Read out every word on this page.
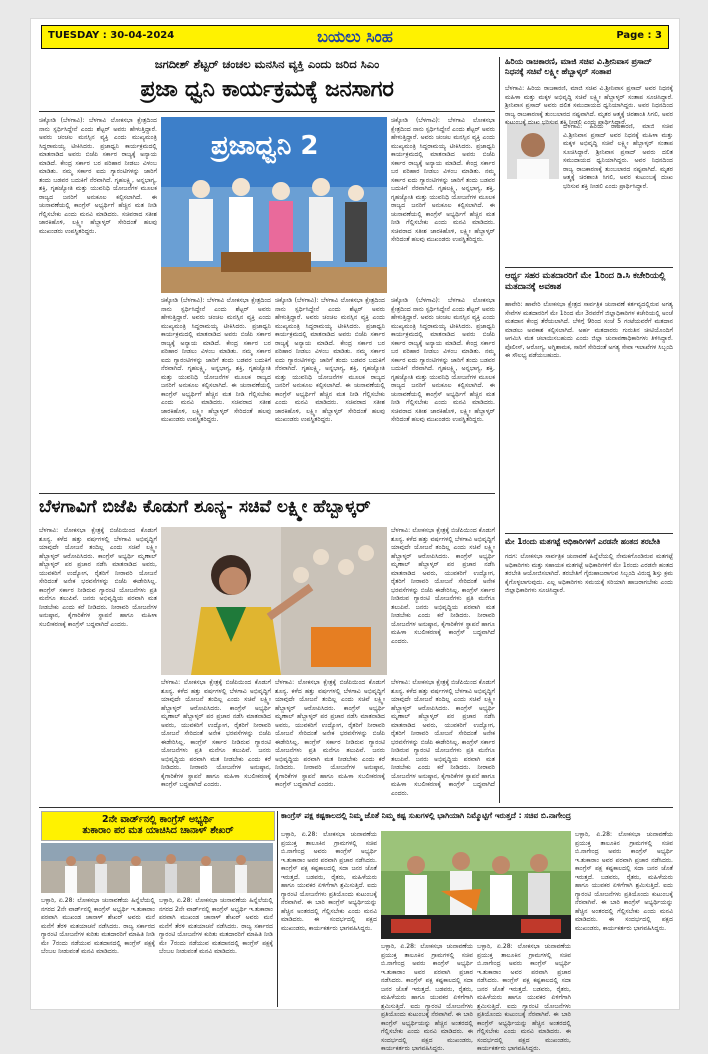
TUESDAY : 30-04-2024	ಬಯಲು ಸಿಂಹ	Page : 3
ಜಗದೀಶ್ ಶೆಟ್ಟರ್ ಚಂಚಲ ಮನಸಿನ ವ್ಯಕ್ತಿ ಎಂದು ಜರಿದ ಸಿಎಂ
ಪ್ರಜಾ ಧ್ವನಿ ಕಾರ್ಯಕ್ರಮಕ್ಕೆ ಜನಸಾಗರ
ಚಿಕ್ಕೋಡಿ (ಬೆಳಗಾವಿ): ಬೆಳಗಾವಿ ಲೋಕಸಭಾ ಕ್ಷೇತ್ರದಿಂದ ನಾನು ಸ್ಪರ್ಧಿಸಿದ್ದೇನೆ ಎಂದು ಶೆಟ್ಟರ್ ಅವರು ಹೇಳುತ್ತಿದ್ದಾರೆ. ಅವರು ಚಂಚಲ ಮನಸ್ಸಿನ ವ್ಯಕ್ತಿ ಎಂದು ಮುಖ್ಯಮಂತ್ರಿ ಸಿದ್ದರಾಮಯ್ಯ ಟೀಕಿಸಿದರು. ಪ್ರಜಾಧ್ವನಿ ಕಾರ್ಯಕ್ರಮದಲ್ಲಿ ಮಾತನಾಡಿದ ಅವರು ಬಿಜೆಪಿ ಸರ್ಕಾರ ರಾಜ್ಯಕ್ಕೆ ಅನ್ಯಾಯ ಮಾಡಿದೆ. ಕೇಂದ್ರ ಸರ್ಕಾರ ಬರ ಪರಿಹಾರ ನೀಡಲು ವಿಳಂಬ ಮಾಡಿತು. ನಮ್ಮ ಸರ್ಕಾರ ಐದು ಗ್ಯಾರಂಟಿಗಳನ್ನು ಜಾರಿಗೆ ತಂದು ಬಡವರ ಬದುಕಿಗೆ ನೆರವಾಗಿದೆ. ಗೃಹಲಕ್ಷ್ಮಿ, ಅನ್ನಭಾಗ್ಯ, ಶಕ್ತಿ, ಗೃಹಜ್ಯೋತಿ ಮತ್ತು ಯುವನಿಧಿ ಯೋಜನೆಗಳ ಮೂಲಕ ರಾಜ್ಯದ ಜನರಿಗೆ ಅನುಕೂಲ ಕಲ್ಪಿಸಲಾಗಿದೆ. ಈ ಚುನಾವಣೆಯಲ್ಲಿ ಕಾಂಗ್ರೆಸ್ ಅಭ್ಯರ್ಥಿಗೆ ಹೆಚ್ಚಿನ ಮತ ನೀಡಿ ಗೆಲ್ಲಿಸಬೇಕು ಎಂದು ಮನವಿ ಮಾಡಿದರು. ಸಚಿವರಾದ ಸತೀಶ ಜಾರಕಿಹೊಳಿ, ಲಕ್ಷ್ಮೀ ಹೆಬ್ಬಾಳ್ಕರ್ ಸೇರಿದಂತೆ ಹಲವು ಮುಖಂಡರು ಉಪಸ್ಥಿತರಿದ್ದರು.
ಪ್ರಜಾಧ್ವನಿ 2
ಚಿಕ್ಕೋಡಿ (ಬೆಳಗಾವಿ): ಬೆಳಗಾವಿ ಲೋಕಸಭಾ ಕ್ಷೇತ್ರದಿಂದ ನಾನು ಸ್ಪರ್ಧಿಸಿದ್ದೇನೆ ಎಂದು ಶೆಟ್ಟರ್ ಅವರು ಹೇಳುತ್ತಿದ್ದಾರೆ. ಅವರು ಚಂಚಲ ಮನಸ್ಸಿನ ವ್ಯಕ್ತಿ ಎಂದು ಮುಖ್ಯಮಂತ್ರಿ ಸಿದ್ದರಾಮಯ್ಯ ಟೀಕಿಸಿದರು. ಪ್ರಜಾಧ್ವನಿ ಕಾರ್ಯಕ್ರಮದಲ್ಲಿ ಮಾತನಾಡಿದ ಅವರು ಬಿಜೆಪಿ ಸರ್ಕಾರ ರಾಜ್ಯಕ್ಕೆ ಅನ್ಯಾಯ ಮಾಡಿದೆ. ಕೇಂದ್ರ ಸರ್ಕಾರ ಬರ ಪರಿಹಾರ ನೀಡಲು ವಿಳಂಬ ಮಾಡಿತು. ನಮ್ಮ ಸರ್ಕಾರ ಐದು ಗ್ಯಾರಂಟಿಗಳನ್ನು ಜಾರಿಗೆ ತಂದು ಬಡವರ ಬದುಕಿಗೆ ನೆರವಾಗಿದೆ. ಗೃಹಲಕ್ಷ್ಮಿ, ಅನ್ನಭಾಗ್ಯ, ಶಕ್ತಿ, ಗೃಹಜ್ಯೋತಿ ಮತ್ತು ಯುವನಿಧಿ ಯೋಜನೆಗಳ ಮೂಲಕ ರಾಜ್ಯದ ಜನರಿಗೆ ಅನುಕೂಲ ಕಲ್ಪಿಸಲಾಗಿದೆ. ಈ ಚುನಾವಣೆಯಲ್ಲಿ ಕಾಂಗ್ರೆಸ್ ಅಭ್ಯರ್ಥಿಗೆ ಹೆಚ್ಚಿನ ಮತ ನೀಡಿ ಗೆಲ್ಲಿಸಬೇಕು ಎಂದು ಮನವಿ ಮಾಡಿದರು. ಸಚಿವರಾದ ಸತೀಶ ಜಾರಕಿಹೊಳಿ, ಲಕ್ಷ್ಮೀ ಹೆಬ್ಬಾಳ್ಕರ್ ಸೇರಿದಂತೆ ಹಲವು ಮುಖಂಡರು ಉಪಸ್ಥಿತರಿದ್ದರು.
ಚಿಕ್ಕೋಡಿ (ಬೆಳಗಾವಿ): ಬೆಳಗಾವಿ ಲೋಕಸಭಾ ಕ್ಷೇತ್ರದಿಂದ ನಾನು ಸ್ಪರ್ಧಿಸಿದ್ದೇನೆ ಎಂದು ಶೆಟ್ಟರ್ ಅವರು ಹೇಳುತ್ತಿದ್ದಾರೆ. ಅವರು ಚಂಚಲ ಮನಸ್ಸಿನ ವ್ಯಕ್ತಿ ಎಂದು ಮುಖ್ಯಮಂತ್ರಿ ಸಿದ್ದರಾಮಯ್ಯ ಟೀಕಿಸಿದರು. ಪ್ರಜಾಧ್ವನಿ ಕಾರ್ಯಕ್ರಮದಲ್ಲಿ ಮಾತನಾಡಿದ ಅವರು ಬಿಜೆಪಿ ಸರ್ಕಾರ ರಾಜ್ಯಕ್ಕೆ ಅನ್ಯಾಯ ಮಾಡಿದೆ. ಕೇಂದ್ರ ಸರ್ಕಾರ ಬರ ಪರಿಹಾರ ನೀಡಲು ವಿಳಂಬ ಮಾಡಿತು. ನಮ್ಮ ಸರ್ಕಾರ ಐದು ಗ್ಯಾರಂಟಿಗಳನ್ನು ಜಾರಿಗೆ ತಂದು ಬಡವರ ಬದುಕಿಗೆ ನೆರವಾಗಿದೆ. ಗೃಹಲಕ್ಷ್ಮಿ, ಅನ್ನಭಾಗ್ಯ, ಶಕ್ತಿ, ಗೃಹಜ್ಯೋತಿ ಮತ್ತು ಯುವನಿಧಿ ಯೋಜನೆಗಳ ಮೂಲಕ ರಾಜ್ಯದ ಜನರಿಗೆ ಅನುಕೂಲ ಕಲ್ಪಿಸಲಾಗಿದೆ. ಈ ಚುನಾವಣೆಯಲ್ಲಿ ಕಾಂಗ್ರೆಸ್ ಅಭ್ಯರ್ಥಿಗೆ ಹೆಚ್ಚಿನ ಮತ ನೀಡಿ ಗೆಲ್ಲಿಸಬೇಕು ಎಂದು ಮನವಿ ಮಾಡಿದರು. ಸಚಿವರಾದ ಸತೀಶ ಜಾರಕಿಹೊಳಿ, ಲಕ್ಷ್ಮೀ ಹೆಬ್ಬಾಳ್ಕರ್ ಸೇರಿದಂತೆ ಹಲವು ಮುಖಂಡರು ಉಪಸ್ಥಿತರಿದ್ದರು.
ಚಿಕ್ಕೋಡಿ (ಬೆಳಗಾವಿ): ಬೆಳಗಾವಿ ಲೋಕಸಭಾ ಕ್ಷೇತ್ರದಿಂದ ನಾನು ಸ್ಪರ್ಧಿಸಿದ್ದೇನೆ ಎಂದು ಶೆಟ್ಟರ್ ಅವರು ಹೇಳುತ್ತಿದ್ದಾರೆ. ಅವರು ಚಂಚಲ ಮನಸ್ಸಿನ ವ್ಯಕ್ತಿ ಎಂದು ಮುಖ್ಯಮಂತ್ರಿ ಸಿದ್ದರಾಮಯ್ಯ ಟೀಕಿಸಿದರು. ಪ್ರಜಾಧ್ವನಿ ಕಾರ್ಯಕ್ರಮದಲ್ಲಿ ಮಾತನಾಡಿದ ಅವರು ಬಿಜೆಪಿ ಸರ್ಕಾರ ರಾಜ್ಯಕ್ಕೆ ಅನ್ಯಾಯ ಮಾಡಿದೆ. ಕೇಂದ್ರ ಸರ್ಕಾರ ಬರ ಪರಿಹಾರ ನೀಡಲು ವಿಳಂಬ ಮಾಡಿತು. ನಮ್ಮ ಸರ್ಕಾರ ಐದು ಗ್ಯಾರಂಟಿಗಳನ್ನು ಜಾರಿಗೆ ತಂದು ಬಡವರ ಬದುಕಿಗೆ ನೆರವಾಗಿದೆ. ಗೃಹಲಕ್ಷ್ಮಿ, ಅನ್ನಭಾಗ್ಯ, ಶಕ್ತಿ, ಗೃಹಜ್ಯೋತಿ ಮತ್ತು ಯುವನಿಧಿ ಯೋಜನೆಗಳ ಮೂಲಕ ರಾಜ್ಯದ ಜನರಿಗೆ ಅನುಕೂಲ ಕಲ್ಪಿಸಲಾಗಿದೆ. ಈ ಚುನಾವಣೆಯಲ್ಲಿ ಕಾಂಗ್ರೆಸ್ ಅಭ್ಯರ್ಥಿಗೆ ಹೆಚ್ಚಿನ ಮತ ನೀಡಿ ಗೆಲ್ಲಿಸಬೇಕು ಎಂದು ಮನವಿ ಮಾಡಿದರು. ಸಚಿವರಾದ ಸತೀಶ ಜಾರಕಿಹೊಳಿ, ಲಕ್ಷ್ಮೀ ಹೆಬ್ಬಾಳ್ಕರ್ ಸೇರಿದಂತೆ ಹಲವು ಮುಖಂಡರು ಉಪಸ್ಥಿತರಿದ್ದರು.
ಚಿಕ್ಕೋಡಿ (ಬೆಳಗಾವಿ): ಬೆಳಗಾವಿ ಲೋಕಸಭಾ ಕ್ಷೇತ್ರದಿಂದ ನಾನು ಸ್ಪರ್ಧಿಸಿದ್ದೇನೆ ಎಂದು ಶೆಟ್ಟರ್ ಅವರು ಹೇಳುತ್ತಿದ್ದಾರೆ. ಅವರು ಚಂಚಲ ಮನಸ್ಸಿನ ವ್ಯಕ್ತಿ ಎಂದು ಮುಖ್ಯಮಂತ್ರಿ ಸಿದ್ದರಾಮಯ್ಯ ಟೀಕಿಸಿದರು. ಪ್ರಜಾಧ್ವನಿ ಕಾರ್ಯಕ್ರಮದಲ್ಲಿ ಮಾತನಾಡಿದ ಅವರು ಬಿಜೆಪಿ ಸರ್ಕಾರ ರಾಜ್ಯಕ್ಕೆ ಅನ್ಯಾಯ ಮಾಡಿದೆ. ಕೇಂದ್ರ ಸರ್ಕಾರ ಬರ ಪರಿಹಾರ ನೀಡಲು ವಿಳಂಬ ಮಾಡಿತು. ನಮ್ಮ ಸರ್ಕಾರ ಐದು ಗ್ಯಾರಂಟಿಗಳನ್ನು ಜಾರಿಗೆ ತಂದು ಬಡವರ ಬದುಕಿಗೆ ನೆರವಾಗಿದೆ. ಗೃಹಲಕ್ಷ್ಮಿ, ಅನ್ನಭಾಗ್ಯ, ಶಕ್ತಿ, ಗೃಹಜ್ಯೋತಿ ಮತ್ತು ಯುವನಿಧಿ ಯೋಜನೆಗಳ ಮೂಲಕ ರಾಜ್ಯದ ಜನರಿಗೆ ಅನುಕೂಲ ಕಲ್ಪಿಸಲಾಗಿದೆ. ಈ ಚುನಾವಣೆಯಲ್ಲಿ ಕಾಂಗ್ರೆಸ್ ಅಭ್ಯರ್ಥಿಗೆ ಹೆಚ್ಚಿನ ಮತ ನೀಡಿ ಗೆಲ್ಲಿಸಬೇಕು ಎಂದು ಮನವಿ ಮಾಡಿದರು. ಸಚಿವರಾದ ಸತೀಶ ಜಾರಕಿಹೊಳಿ, ಲಕ್ಷ್ಮೀ ಹೆಬ್ಬಾಳ್ಕರ್ ಸೇರಿದಂತೆ ಹಲವು ಮುಖಂಡರು ಉಪಸ್ಥಿತರಿದ್ದರು.
ಹಿರಿಯ ರಾಜಕಾರಣಿ, ಮಾಜಿ ಸಚಿವ ವಿ.ಶ್ರೀನಿವಾಸ ಪ್ರಸಾದ್ ನಿಧನಕ್ಕೆ ಸಚಿವೆ ಲಕ್ಷ್ಮೀ ಹೆಬ್ಬಾಳ್ಕರ್ ಸಂತಾಪ
ಬೆಳಗಾವಿ: ಹಿರಿಯ ರಾಜಕಾರಣಿ, ಮಾಜಿ ಸಚಿವ ವಿ.ಶ್ರೀನಿವಾಸ ಪ್ರಸಾದ್ ಅವರ ನಿಧನಕ್ಕೆ ಮಹಿಳಾ ಮತ್ತು ಮಕ್ಕಳ ಅಭಿವೃದ್ಧಿ ಸಚಿವೆ ಲಕ್ಷ್ಮೀ ಹೆಬ್ಬಾಳ್ಕರ್ ಸಂತಾಪ ಸೂಚಿಸಿದ್ದಾರೆ. ಶ್ರೀನಿವಾಸ ಪ್ರಸಾದ್ ಅವರು ದಲಿತ ಸಮುದಾಯದ ಧ್ವನಿಯಾಗಿದ್ದರು. ಅವರ ನಿಧನದಿಂದ ರಾಜ್ಯ ರಾಜಕಾರಣಕ್ಕೆ ತುಂಬಲಾರದ ನಷ್ಟವಾಗಿದೆ. ಮೃತರ ಆತ್ಮಕ್ಕೆ ಚಿರಶಾಂತಿ ಸಿಗಲಿ, ಅವರ ಕುಟುಂಬಕ್ಕೆ ದುಃಖ ಭರಿಸುವ ಶಕ್ತಿ ನೀಡಲಿ ಎಂದು ಪ್ರಾರ್ಥಿಸಿದ್ದಾರೆ.
ಬೆಳಗಾವಿ: ಹಿರಿಯ ರಾಜಕಾರಣಿ, ಮಾಜಿ ಸಚಿವ ವಿ.ಶ್ರೀನಿವಾಸ ಪ್ರಸಾದ್ ಅವರ ನಿಧನಕ್ಕೆ ಮಹಿಳಾ ಮತ್ತು ಮಕ್ಕಳ ಅಭಿವೃದ್ಧಿ ಸಚಿವೆ ಲಕ್ಷ್ಮೀ ಹೆಬ್ಬಾಳ್ಕರ್ ಸಂತಾಪ ಸೂಚಿಸಿದ್ದಾರೆ. ಶ್ರೀನಿವಾಸ ಪ್ರಸಾದ್ ಅವರು ದಲಿತ ಸಮುದಾಯದ ಧ್ವನಿಯಾಗಿದ್ದರು. ಅವರ ನಿಧನದಿಂದ ರಾಜ್ಯ ರಾಜಕಾರಣಕ್ಕೆ ತುಂಬಲಾರದ ನಷ್ಟವಾಗಿದೆ. ಮೃತರ ಆತ್ಮಕ್ಕೆ ಚಿರಶಾಂತಿ ಸಿಗಲಿ, ಅವರ ಕುಟುಂಬಕ್ಕೆ ದುಃಖ ಭರಿಸುವ ಶಕ್ತಿ ನೀಡಲಿ ಎಂದು ಪ್ರಾರ್ಥಿಸಿದ್ದಾರೆ.
ಆರ್ಥ್ಯ ಸಹರ ಮತದಾರರಿಗೆ ಮೇ 1ರಿಂದ ಡಿ.ಸಿ ಕಚೇರಿಯಲ್ಲಿ ಮತದಾನಕ್ಕೆ ಅವಕಾಶ
ಹಾವೇರಿ: ಹಾವೇರಿ ಲೋಕಸಭಾ ಕ್ಷೇತ್ರದ ಸಾರ್ವತ್ರಿಕ ಚುನಾವಣೆ ಕರ್ತವ್ಯದಲ್ಲಿರುವ ಅಗತ್ಯ ಸೇವೆಗಳ ಮತದಾರರಿಗೆ ಮೇ 1ರಿಂದ ಮೇ 3ರವರೆಗೆ ಜಿಲ್ಲಾಧಿಕಾರಿಗಳ ಕಚೇರಿಯಲ್ಲಿ ಅಂಚೆ ಮತದಾನ ಕೇಂದ್ರ ತೆರೆಯಲಾಗಿದೆ. ಬೆಳಿಗ್ಗೆ 9ರಿಂದ ಸಂಜೆ 5 ಗಂಟೆಯವರೆಗೆ ಮತದಾನ ಮಾಡಲು ಅವಕಾಶ ಕಲ್ಪಿಸಲಾಗಿದೆ. ಅರ್ಹ ಮತದಾರರು ಗುರುತಿನ ಚೀಟಿಯೊಂದಿಗೆ ಆಗಮಿಸಿ ಮತ ಚಲಾಯಿಸಬಹುದು ಎಂದು ಜಿಲ್ಲಾ ಚುನಾವಣಾಧಿಕಾರಿಗಳು ತಿಳಿಸಿದ್ದಾರೆ. ಪೊಲೀಸ್, ಆರೋಗ್ಯ, ಅಗ್ನಿಶಾಮಕ, ಸಾರಿಗೆ ಸೇರಿದಂತೆ ಅಗತ್ಯ ಸೇವಾ ಇಲಾಖೆಗಳ ಸಿಬ್ಬಂದಿ ಈ ಸೌಲಭ್ಯ ಪಡೆಯಬಹುದು.
ಮೇ 1ರಂದು ಮತಗಟ್ಟೆ ಅಧಿಕಾರಿಗಳಿಗೆ ಎರಡನೇ ಹಂತದ ತರಬೇತಿ
ಗದಗ: ಲೋಕಸಭಾ ಸಾರ್ವತ್ರಿಕ ಚುನಾವಣೆ ಹಿನ್ನೆಲೆಯಲ್ಲಿ ನೇಮಕಗೊಂಡಿರುವ ಮತಗಟ್ಟೆ ಅಧಿಕಾರಿಗಳು ಮತ್ತು ಸಹಾಯಕ ಮತಗಟ್ಟೆ ಅಧಿಕಾರಿಗಳಿಗೆ ಮೇ 1ರಂದು ಎರಡನೇ ಹಂತದ ತರಬೇತಿ ಆಯೋಜಿಸಲಾಗಿದೆ. ತರಬೇತಿಗೆ ಗೈರುಹಾಜರಾಗುವ ಸಿಬ್ಬಂದಿ ವಿರುದ್ಧ ಶಿಸ್ತು ಕ್ರಮ ಕೈಗೊಳ್ಳಲಾಗುವುದು. ಎಲ್ಲ ಅಧಿಕಾರಿಗಳು ಸಮಯಕ್ಕೆ ಸರಿಯಾಗಿ ಹಾಜರಾಗಬೇಕು ಎಂದು ಜಿಲ್ಲಾಧಿಕಾರಿಗಳು ಸೂಚಿಸಿದ್ದಾರೆ.
ಬೆಳಗಾವಿಗೆ ಬಿಜೆಪಿ ಕೊಡುಗೆ ಶೂನ್ಯ- ಸಚಿವೆ ಲಕ್ಷ್ಮೀ ಹೆಬ್ಬಾಳ್ಕರ್
ಬೆಳಗಾವಿ: ಲೋಕಸಭಾ ಕ್ಷೇತ್ರಕ್ಕೆ ಬಿಜೆಪಿಯಿಂದ ಕೊಡುಗೆ ಶೂನ್ಯ. ಕಳೆದ ಹತ್ತು ವರ್ಷಗಳಲ್ಲಿ ಬೆಳಗಾವಿ ಅಭಿವೃದ್ಧಿಗೆ ಯಾವುದೇ ಯೋಜನೆ ತಂದಿಲ್ಲ ಎಂದು ಸಚಿವೆ ಲಕ್ಷ್ಮೀ ಹೆಬ್ಬಾಳ್ಕರ್ ಆರೋಪಿಸಿದರು. ಕಾಂಗ್ರೆಸ್ ಅಭ್ಯರ್ಥಿ ಮೃಣಾಲ್ ಹೆಬ್ಬಾಳ್ಕರ್ ಪರ ಪ್ರಚಾರ ನಡೆಸಿ ಮಾತನಾಡಿದ ಅವರು, ಯುವಕರಿಗೆ ಉದ್ಯೋಗ, ರೈತರಿಗೆ ನೀರಾವರಿ ಯೋಜನೆ ಸೇರಿದಂತೆ ಅನೇಕ ಭರವಸೆಗಳನ್ನು ಬಿಜೆಪಿ ಈಡೇರಿಸಿಲ್ಲ. ಕಾಂಗ್ರೆಸ್ ಸರ್ಕಾರ ನೀಡಿರುವ ಗ್ಯಾರಂಟಿ ಯೋಜನೆಗಳು ಪ್ರತಿ ಮನೆಗೂ ತಲುಪಿವೆ. ಜನರು ಅಭಿವೃದ್ಧಿಯ ಪರವಾಗಿ ಮತ ನೀಡಬೇಕು ಎಂದು ಕರೆ ನೀಡಿದರು. ನೀರಾವರಿ ಯೋಜನೆಗಳ ಅನುಷ್ಠಾನ, ಕೈಗಾರಿಕೆಗಳ ಸ್ಥಾಪನೆ ಹಾಗೂ ಮಹಿಳಾ ಸಬಲೀಕರಣಕ್ಕೆ ಕಾಂಗ್ರೆಸ್ ಬದ್ಧವಾಗಿದೆ ಎಂದರು.
ಬೆಳಗಾವಿ: ಲೋಕಸಭಾ ಕ್ಷೇತ್ರಕ್ಕೆ ಬಿಜೆಪಿಯಿಂದ ಕೊಡುಗೆ ಶೂನ್ಯ. ಕಳೆದ ಹತ್ತು ವರ್ಷಗಳಲ್ಲಿ ಬೆಳಗಾವಿ ಅಭಿವೃದ್ಧಿಗೆ ಯಾವುದೇ ಯೋಜನೆ ತಂದಿಲ್ಲ ಎಂದು ಸಚಿವೆ ಲಕ್ಷ್ಮೀ ಹೆಬ್ಬಾಳ್ಕರ್ ಆರೋಪಿಸಿದರು. ಕಾಂಗ್ರೆಸ್ ಅಭ್ಯರ್ಥಿ ಮೃಣಾಲ್ ಹೆಬ್ಬಾಳ್ಕರ್ ಪರ ಪ್ರಚಾರ ನಡೆಸಿ ಮಾತನಾಡಿದ ಅವರು, ಯುವಕರಿಗೆ ಉದ್ಯೋಗ, ರೈತರಿಗೆ ನೀರಾವರಿ ಯೋಜನೆ ಸೇರಿದಂತೆ ಅನೇಕ ಭರವಸೆಗಳನ್ನು ಬಿಜೆಪಿ ಈಡೇರಿಸಿಲ್ಲ. ಕಾಂಗ್ರೆಸ್ ಸರ್ಕಾರ ನೀಡಿರುವ ಗ್ಯಾರಂಟಿ ಯೋಜನೆಗಳು ಪ್ರತಿ ಮನೆಗೂ ತಲುಪಿವೆ. ಜನರು ಅಭಿವೃದ್ಧಿಯ ಪರವಾಗಿ ಮತ ನೀಡಬೇಕು ಎಂದು ಕರೆ ನೀಡಿದರು. ನೀರಾವರಿ ಯೋಜನೆಗಳ ಅನುಷ್ಠಾನ, ಕೈಗಾರಿಕೆಗಳ ಸ್ಥಾಪನೆ ಹಾಗೂ ಮಹಿಳಾ ಸಬಲೀಕರಣಕ್ಕೆ ಕಾಂಗ್ರೆಸ್ ಬದ್ಧವಾಗಿದೆ ಎಂದರು.
ಬೆಳಗಾವಿ: ಲೋಕಸಭಾ ಕ್ಷೇತ್ರಕ್ಕೆ ಬಿಜೆಪಿಯಿಂದ ಕೊಡುಗೆ ಶೂನ್ಯ. ಕಳೆದ ಹತ್ತು ವರ್ಷಗಳಲ್ಲಿ ಬೆಳಗಾವಿ ಅಭಿವೃದ್ಧಿಗೆ ಯಾವುದೇ ಯೋಜನೆ ತಂದಿಲ್ಲ ಎಂದು ಸಚಿವೆ ಲಕ್ಷ್ಮೀ ಹೆಬ್ಬಾಳ್ಕರ್ ಆರೋಪಿಸಿದರು. ಕಾಂಗ್ರೆಸ್ ಅಭ್ಯರ್ಥಿ ಮೃಣಾಲ್ ಹೆಬ್ಬಾಳ್ಕರ್ ಪರ ಪ್ರಚಾರ ನಡೆಸಿ ಮಾತನಾಡಿದ ಅವರು, ಯುವಕರಿಗೆ ಉದ್ಯೋಗ, ರೈತರಿಗೆ ನೀರಾವರಿ ಯೋಜನೆ ಸೇರಿದಂತೆ ಅನೇಕ ಭರವಸೆಗಳನ್ನು ಬಿಜೆಪಿ ಈಡೇರಿಸಿಲ್ಲ. ಕಾಂಗ್ರೆಸ್ ಸರ್ಕಾರ ನೀಡಿರುವ ಗ್ಯಾರಂಟಿ ಯೋಜನೆಗಳು ಪ್ರತಿ ಮನೆಗೂ ತಲುಪಿವೆ. ಜನರು ಅಭಿವೃದ್ಧಿಯ ಪರವಾಗಿ ಮತ ನೀಡಬೇಕು ಎಂದು ಕರೆ ನೀಡಿದರು. ನೀರಾವರಿ ಯೋಜನೆಗಳ ಅನುಷ್ಠಾನ, ಕೈಗಾರಿಕೆಗಳ ಸ್ಥಾಪನೆ ಹಾಗೂ ಮಹಿಳಾ ಸಬಲೀಕರಣಕ್ಕೆ ಕಾಂಗ್ರೆಸ್ ಬದ್ಧವಾಗಿದೆ ಎಂದರು.
ಬೆಳಗಾವಿ: ಲೋಕಸಭಾ ಕ್ಷೇತ್ರಕ್ಕೆ ಬಿಜೆಪಿಯಿಂದ ಕೊಡುಗೆ ಶೂನ್ಯ. ಕಳೆದ ಹತ್ತು ವರ್ಷಗಳಲ್ಲಿ ಬೆಳಗಾವಿ ಅಭಿವೃದ್ಧಿಗೆ ಯಾವುದೇ ಯೋಜನೆ ತಂದಿಲ್ಲ ಎಂದು ಸಚಿವೆ ಲಕ್ಷ್ಮೀ ಹೆಬ್ಬಾಳ್ಕರ್ ಆರೋಪಿಸಿದರು. ಕಾಂಗ್ರೆಸ್ ಅಭ್ಯರ್ಥಿ ಮೃಣಾಲ್ ಹೆಬ್ಬಾಳ್ಕರ್ ಪರ ಪ್ರಚಾರ ನಡೆಸಿ ಮಾತನಾಡಿದ ಅವರು, ಯುವಕರಿಗೆ ಉದ್ಯೋಗ, ರೈತರಿಗೆ ನೀರಾವರಿ ಯೋಜನೆ ಸೇರಿದಂತೆ ಅನೇಕ ಭರವಸೆಗಳನ್ನು ಬಿಜೆಪಿ ಈಡೇರಿಸಿಲ್ಲ. ಕಾಂಗ್ರೆಸ್ ಸರ್ಕಾರ ನೀಡಿರುವ ಗ್ಯಾರಂಟಿ ಯೋಜನೆಗಳು ಪ್ರತಿ ಮನೆಗೂ ತಲುಪಿವೆ. ಜನರು ಅಭಿವೃದ್ಧಿಯ ಪರವಾಗಿ ಮತ ನೀಡಬೇಕು ಎಂದು ಕರೆ ನೀಡಿದರು. ನೀರಾವರಿ ಯೋಜನೆಗಳ ಅನುಷ್ಠಾನ, ಕೈಗಾರಿಕೆಗಳ ಸ್ಥಾಪನೆ ಹಾಗೂ ಮಹಿಳಾ ಸಬಲೀಕರಣಕ್ಕೆ ಕಾಂಗ್ರೆಸ್ ಬದ್ಧವಾಗಿದೆ ಎಂದರು.
ಬೆಳಗಾವಿ: ಲೋಕಸಭಾ ಕ್ಷೇತ್ರಕ್ಕೆ ಬಿಜೆಪಿಯಿಂದ ಕೊಡುಗೆ ಶೂನ್ಯ. ಕಳೆದ ಹತ್ತು ವರ್ಷಗಳಲ್ಲಿ ಬೆಳಗಾವಿ ಅಭಿವೃದ್ಧಿಗೆ ಯಾವುದೇ ಯೋಜನೆ ತಂದಿಲ್ಲ ಎಂದು ಸಚಿವೆ ಲಕ್ಷ್ಮೀ ಹೆಬ್ಬಾಳ್ಕರ್ ಆರೋಪಿಸಿದರು. ಕಾಂಗ್ರೆಸ್ ಅಭ್ಯರ್ಥಿ ಮೃಣಾಲ್ ಹೆಬ್ಬಾಳ್ಕರ್ ಪರ ಪ್ರಚಾರ ನಡೆಸಿ ಮಾತನಾಡಿದ ಅವರು, ಯುವಕರಿಗೆ ಉದ್ಯೋಗ, ರೈತರಿಗೆ ನೀರಾವರಿ ಯೋಜನೆ ಸೇರಿದಂತೆ ಅನೇಕ ಭರವಸೆಗಳನ್ನು ಬಿಜೆಪಿ ಈಡೇರಿಸಿಲ್ಲ. ಕಾಂಗ್ರೆಸ್ ಸರ್ಕಾರ ನೀಡಿರುವ ಗ್ಯಾರಂಟಿ ಯೋಜನೆಗಳು ಪ್ರತಿ ಮನೆಗೂ ತಲುಪಿವೆ. ಜನರು ಅಭಿವೃದ್ಧಿಯ ಪರವಾಗಿ ಮತ ನೀಡಬೇಕು ಎಂದು ಕರೆ ನೀಡಿದರು. ನೀರಾವರಿ ಯೋಜನೆಗಳ ಅನುಷ್ಠಾನ, ಕೈಗಾರಿಕೆಗಳ ಸ್ಥಾಪನೆ ಹಾಗೂ ಮಹಿಳಾ ಸಬಲೀಕರಣಕ್ಕೆ ಕಾಂಗ್ರೆಸ್ ಬದ್ಧವಾಗಿದೆ ಎಂದರು.
2ನೇ ವಾರ್ಡ್‌ನಲ್ಲಿ ಕಾಂಗ್ರೆಸ್ ಅಭ್ಯರ್ಥಿ
ತುಕಾರಾಂ ಪರ ಮತ ಯಾಚಿಸಿದ ಚಾನಾಳ್ ಶೇಖರ್
ಬಳ್ಳಾರಿ, ಏ.28: ಲೋಕಸಭಾ ಚುನಾವಣೆಯ ಹಿನ್ನೆಲೆಯಲ್ಲಿ ನಗರದ 2ನೇ ವಾರ್ಡ್‌ನಲ್ಲಿ ಕಾಂಗ್ರೆಸ್ ಅಭ್ಯರ್ಥಿ ಇ.ತುಕಾರಾಂ ಪರವಾಗಿ ಮುಖಂಡ ಚಾನಾಳ್ ಶೇಖರ್ ಅವರು ಮನೆ ಮನೆಗೆ ತೆರಳಿ ಮತಯಾಚನೆ ನಡೆಸಿದರು. ರಾಜ್ಯ ಸರ್ಕಾರದ ಗ್ಯಾರಂಟಿ ಯೋಜನೆಗಳ ಕುರಿತು ಮತದಾರರಿಗೆ ಮಾಹಿತಿ ನೀಡಿ ಮೇ 7ರಂದು ನಡೆಯುವ ಮತದಾನದಲ್ಲಿ ಕಾಂಗ್ರೆಸ್ ಪಕ್ಷಕ್ಕೆ ಬೆಂಬಲ ನೀಡುವಂತೆ ಮನವಿ ಮಾಡಿದರು.
ಬಳ್ಳಾರಿ, ಏ.28: ಲೋಕಸಭಾ ಚುನಾವಣೆಯ ಹಿನ್ನೆಲೆಯಲ್ಲಿ ನಗರದ 2ನೇ ವಾರ್ಡ್‌ನಲ್ಲಿ ಕಾಂಗ್ರೆಸ್ ಅಭ್ಯರ್ಥಿ ಇ.ತುಕಾರಾಂ ಪರವಾಗಿ ಮುಖಂಡ ಚಾನಾಳ್ ಶೇಖರ್ ಅವರು ಮನೆ ಮನೆಗೆ ತೆರಳಿ ಮತಯಾಚನೆ ನಡೆಸಿದರು. ರಾಜ್ಯ ಸರ್ಕಾರದ ಗ್ಯಾರಂಟಿ ಯೋಜನೆಗಳ ಕುರಿತು ಮತದಾರರಿಗೆ ಮಾಹಿತಿ ನೀಡಿ ಮೇ 7ರಂದು ನಡೆಯುವ ಮತದಾನದಲ್ಲಿ ಕಾಂಗ್ರೆಸ್ ಪಕ್ಷಕ್ಕೆ ಬೆಂಬಲ ನೀಡುವಂತೆ ಮನವಿ ಮಾಡಿದರು.
ಕಾಂಗ್ರೆಸ್ ಪಕ್ಷ ಕಷ್ಟಕಾಲದಲ್ಲಿ ನಿಮ್ಮ ಜೊತೆ ನಿಮ್ಮ ಕಷ್ಟ ಸುಖಗಳಲ್ಲಿ ಭಾಗಿಯಾಗಿ ನಿಮ್ಮೊಟ್ಟಿಗೆ ಇರುತ್ತದೆ : ಸಚಿವ ಬಿ.ನಾಗೇಂದ್ರ
ಬಳ್ಳಾರಿ, ಏ.28: ಲೋಕಸಭಾ ಚುನಾವಣೆಯ ಪ್ರಯುಕ್ತ ತಾಲೂಕಿನ ಗ್ರಾಮಗಳಲ್ಲಿ ಸಚಿವ ಬಿ.ನಾಗೇಂದ್ರ ಅವರು ಕಾಂಗ್ರೆಸ್ ಅಭ್ಯರ್ಥಿ ಇ.ತುಕಾರಾಂ ಅವರ ಪರವಾಗಿ ಪ್ರಚಾರ ನಡೆಸಿದರು. ಕಾಂಗ್ರೆಸ್ ಪಕ್ಷ ಕಷ್ಟಕಾಲದಲ್ಲಿ ಸದಾ ಜನರ ಜೊತೆ ಇರುತ್ತದೆ. ಬಡವರು, ರೈತರು, ಮಹಿಳೆಯರು ಹಾಗೂ ಯುವಕರ ಏಳಿಗೆಗಾಗಿ ಶ್ರಮಿಸುತ್ತಿದೆ. ಐದು ಗ್ಯಾರಂಟಿ ಯೋಜನೆಗಳು ಪ್ರತಿಯೊಂದು ಕುಟುಂಬಕ್ಕೆ ನೆರವಾಗಿವೆ. ಈ ಬಾರಿ ಕಾಂಗ್ರೆಸ್ ಅಭ್ಯರ್ಥಿಯನ್ನು ಹೆಚ್ಚಿನ ಅಂತರದಲ್ಲಿ ಗೆಲ್ಲಿಸಬೇಕು ಎಂದು ಮನವಿ ಮಾಡಿದರು. ಈ ಸಂದರ್ಭದಲ್ಲಿ ಪಕ್ಷದ ಮುಖಂಡರು, ಕಾರ್ಯಕರ್ತರು ಭಾಗವಹಿಸಿದ್ದರು.
ಬಳ್ಳಾರಿ, ಏ.28: ಲೋಕಸಭಾ ಚುನಾವಣೆಯ ಪ್ರಯುಕ್ತ ತಾಲೂಕಿನ ಗ್ರಾಮಗಳಲ್ಲಿ ಸಚಿವ ಬಿ.ನಾಗೇಂದ್ರ ಅವರು ಕಾಂಗ್ರೆಸ್ ಅಭ್ಯರ್ಥಿ ಇ.ತುಕಾರಾಂ ಅವರ ಪರವಾಗಿ ಪ್ರಚಾರ ನಡೆಸಿದರು. ಕಾಂಗ್ರೆಸ್ ಪಕ್ಷ ಕಷ್ಟಕಾಲದಲ್ಲಿ ಸದಾ ಜನರ ಜೊತೆ ಇರುತ್ತದೆ. ಬಡವರು, ರೈತರು, ಮಹಿಳೆಯರು ಹಾಗೂ ಯುವಕರ ಏಳಿಗೆಗಾಗಿ ಶ್ರಮಿಸುತ್ತಿದೆ. ಐದು ಗ್ಯಾರಂಟಿ ಯೋಜನೆಗಳು ಪ್ರತಿಯೊಂದು ಕುಟುಂಬಕ್ಕೆ ನೆರವಾಗಿವೆ. ಈ ಬಾರಿ ಕಾಂಗ್ರೆಸ್ ಅಭ್ಯರ್ಥಿಯನ್ನು ಹೆಚ್ಚಿನ ಅಂತರದಲ್ಲಿ ಗೆಲ್ಲಿಸಬೇಕು ಎಂದು ಮನವಿ ಮಾಡಿದರು. ಈ ಸಂದರ್ಭದಲ್ಲಿ ಪಕ್ಷದ ಮುಖಂಡರು, ಕಾರ್ಯಕರ್ತರು ಭಾಗವಹಿಸಿದ್ದರು.
ಬಳ್ಳಾರಿ, ಏ.28: ಲೋಕಸಭಾ ಚುನಾವಣೆಯ ಪ್ರಯುಕ್ತ ತಾಲೂಕಿನ ಗ್ರಾಮಗಳಲ್ಲಿ ಸಚಿವ ಬಿ.ನಾಗೇಂದ್ರ ಅವರು ಕಾಂಗ್ರೆಸ್ ಅಭ್ಯರ್ಥಿ ಇ.ತುಕಾರಾಂ ಅವರ ಪರವಾಗಿ ಪ್ರಚಾರ ನಡೆಸಿದರು. ಕಾಂಗ್ರೆಸ್ ಪಕ್ಷ ಕಷ್ಟಕಾಲದಲ್ಲಿ ಸದಾ ಜನರ ಜೊತೆ ಇರುತ್ತದೆ. ಬಡವರು, ರೈತರು, ಮಹಿಳೆಯರು ಹಾಗೂ ಯುವಕರ ಏಳಿಗೆಗಾಗಿ ಶ್ರಮಿಸುತ್ತಿದೆ. ಐದು ಗ್ಯಾರಂಟಿ ಯೋಜನೆಗಳು ಪ್ರತಿಯೊಂದು ಕುಟುಂಬಕ್ಕೆ ನೆರವಾಗಿವೆ. ಈ ಬಾರಿ ಕಾಂಗ್ರೆಸ್ ಅಭ್ಯರ್ಥಿಯನ್ನು ಹೆಚ್ಚಿನ ಅಂತರದಲ್ಲಿ ಗೆಲ್ಲಿಸಬೇಕು ಎಂದು ಮನವಿ ಮಾಡಿದರು. ಈ ಸಂದರ್ಭದಲ್ಲಿ ಪಕ್ಷದ ಮುಖಂಡರು, ಕಾರ್ಯಕರ್ತರು ಭಾಗವಹಿಸಿದ್ದರು.
ಬಳ್ಳಾರಿ, ಏ.28: ಲೋಕಸಭಾ ಚುನಾವಣೆಯ ಪ್ರಯುಕ್ತ ತಾಲೂಕಿನ ಗ್ರಾಮಗಳಲ್ಲಿ ಸಚಿವ ಬಿ.ನಾಗೇಂದ್ರ ಅವರು ಕಾಂಗ್ರೆಸ್ ಅಭ್ಯರ್ಥಿ ಇ.ತುಕಾರಾಂ ಅವರ ಪರವಾಗಿ ಪ್ರಚಾರ ನಡೆಸಿದರು. ಕಾಂಗ್ರೆಸ್ ಪಕ್ಷ ಕಷ್ಟಕಾಲದಲ್ಲಿ ಸದಾ ಜನರ ಜೊತೆ ಇರುತ್ತದೆ. ಬಡವರು, ರೈತರು, ಮಹಿಳೆಯರು ಹಾಗೂ ಯುವಕರ ಏಳಿಗೆಗಾಗಿ ಶ್ರಮಿಸುತ್ತಿದೆ. ಐದು ಗ್ಯಾರಂಟಿ ಯೋಜನೆಗಳು ಪ್ರತಿಯೊಂದು ಕುಟುಂಬಕ್ಕೆ ನೆರವಾಗಿವೆ. ಈ ಬಾರಿ ಕಾಂಗ್ರೆಸ್ ಅಭ್ಯರ್ಥಿಯನ್ನು ಹೆಚ್ಚಿನ ಅಂತರದಲ್ಲಿ ಗೆಲ್ಲಿಸಬೇಕು ಎಂದು ಮನವಿ ಮಾಡಿದರು. ಈ ಸಂದರ್ಭದಲ್ಲಿ ಪಕ್ಷದ ಮುಖಂಡರು, ಕಾರ್ಯಕರ್ತರು ಭಾಗವಹಿಸಿದ್ದರು.
